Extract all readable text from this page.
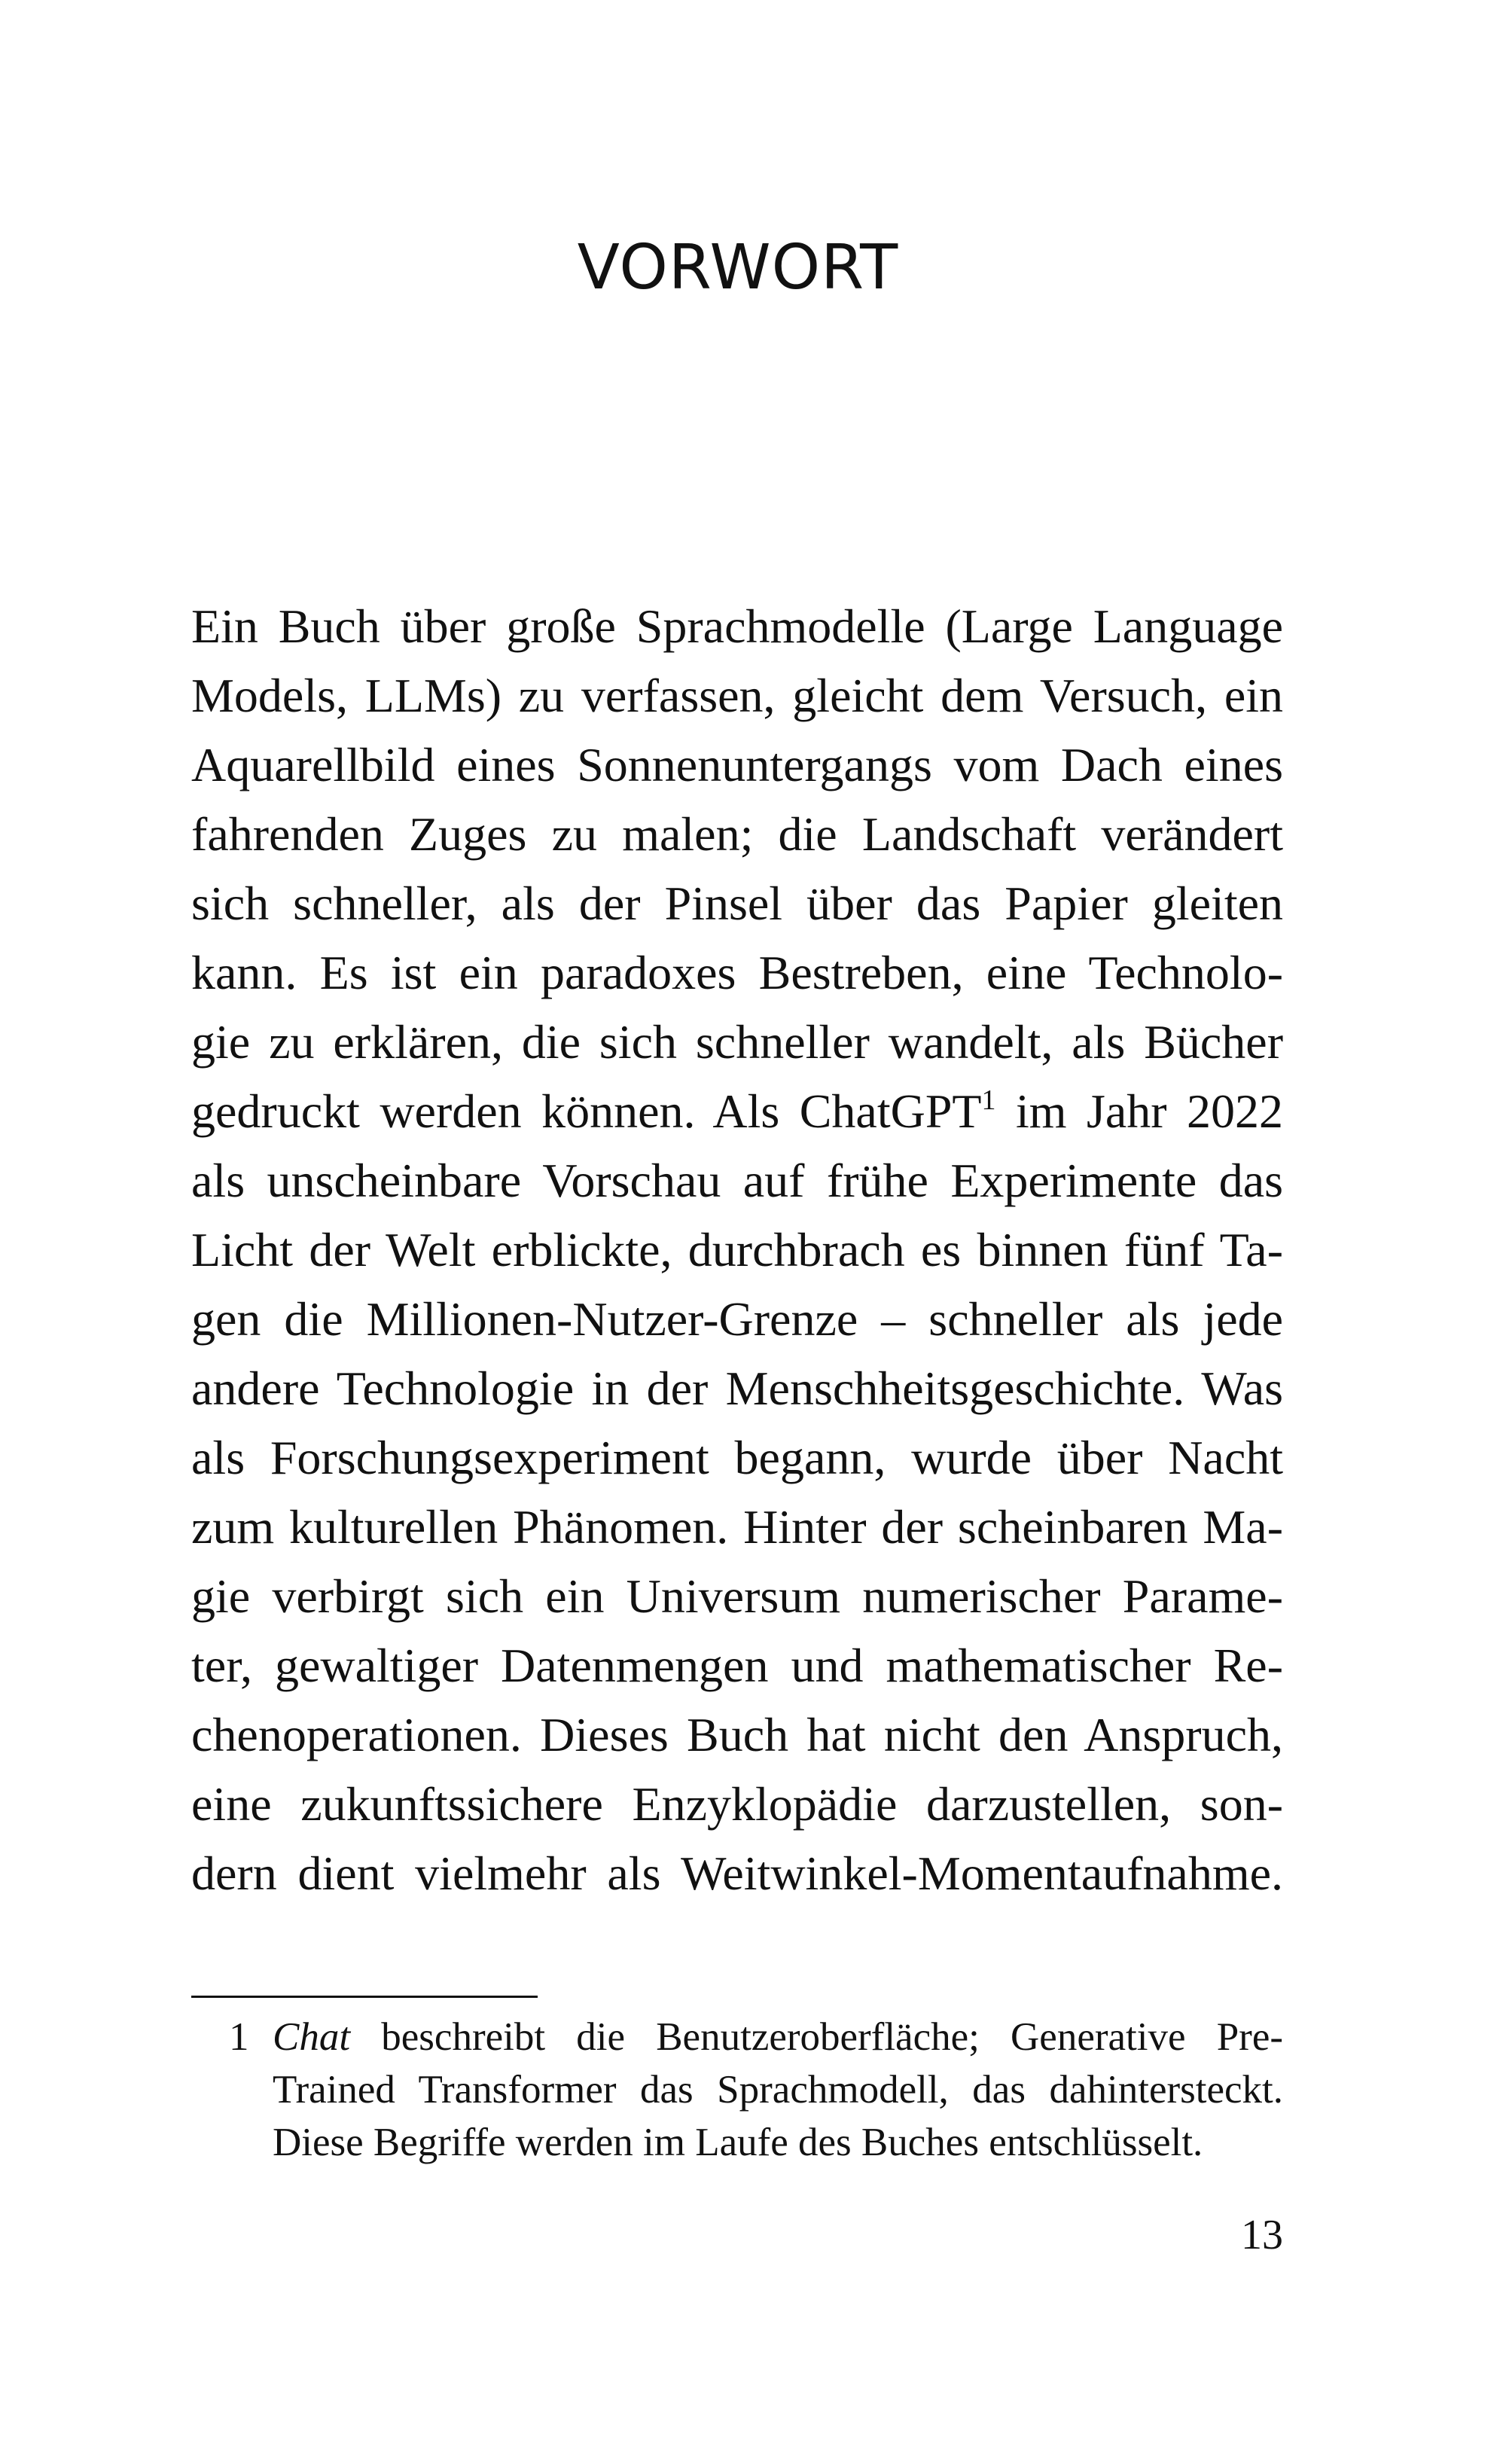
VORWORT
Ein Buch über große Sprachmodelle (Large Language
Models, LLMs) zu verfassen, gleicht dem Versuch, ein
Aquarellbild eines Sonnenuntergangs vom Dach eines
fahrenden Zuges zu malen; die Landschaft verändert
sich schneller, als der Pinsel über das Papier gleiten
kann. Es ist ein paradoxes Bestreben, eine Technolo-
gie zu erklären, die sich schneller wandelt, als Bücher
gedruckt werden können. Als ChatGPT$^1$ im Jahr 2022
als unscheinbare Vorschau auf frühe Experimente das
Licht der Welt erblickte, durchbrach es binnen fünf Ta-
gen die Millionen-Nutzer-Grenze – schneller als jede
andere Technologie in der Menschheitsgeschichte. Was
als Forschungsexperiment begann, wurde über Nacht
zum kulturellen Phänomen. Hinter der scheinbaren Ma-
gie verbirgt sich ein Universum numerischer Parame-
ter, gewaltiger Datenmengen und mathematischer Re-
chenoperationen. Dieses Buch hat nicht den Anspruch,
eine zukunftssichere Enzyklopädie darzustellen, son-
dern dient vielmehr als Weitwinkel-Momentaufnahme.
1 Chat beschreibt die Benutzeroberfläche; Generative Pre-
Trained Transformer das Sprachmodell, das dahintersteckt.
Diese Begriffe werden im Laufe des Buches entschlüsselt.
13
